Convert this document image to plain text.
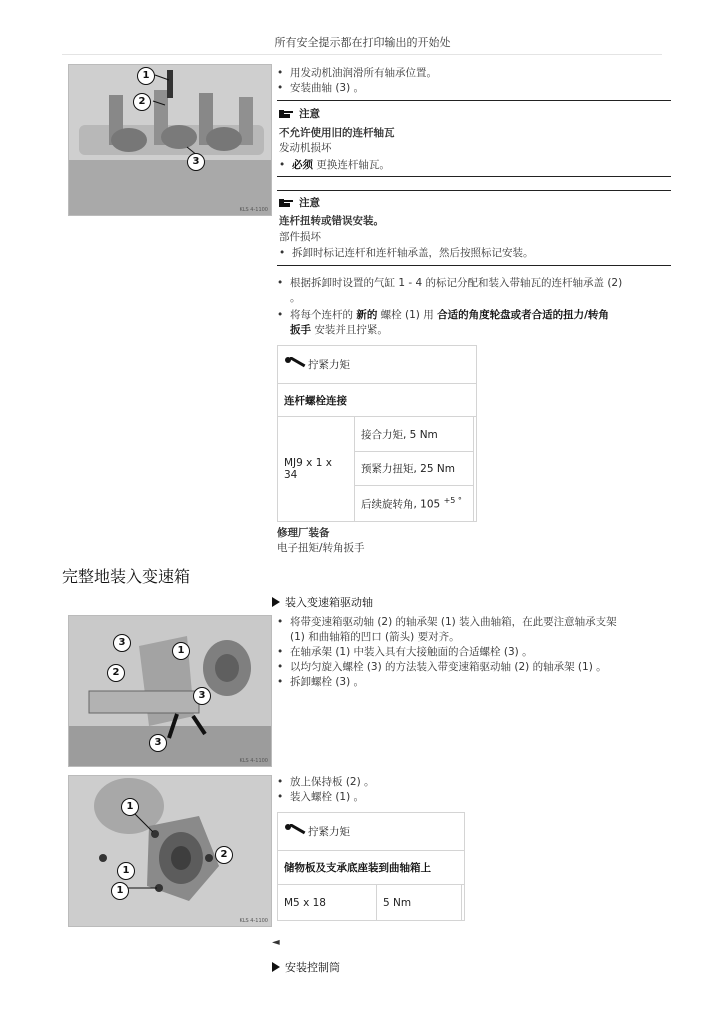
所有安全提示都在打印输出的开始处
1
2
3
KLS 4-1100
• 用发动机油润滑所有轴承位置。
• 安装曲轴 (3) 。
注意
不允许使用旧的连杆轴瓦
发动机损坏
• 必须 更换连杆轴瓦。
注意
连杆扭转或错误安装。
部件损坏
• 拆卸时标记连杆和连杆轴承盖，然后按照标记安装。
• 根据拆卸时设置的气缸 1 - 4 的标记分配和装入带轴瓦的连杆轴承盖 (2)
。
• 将每个连杆的 新的 螺栓 (1) 用 合适的角度轮盘或者合适的扭力/转角
扳手 安装并且拧紧。
拧紧力矩
连杆螺栓连接
MJ9 x 1 x 34	接合力矩, 5 Nm	
预紧力扭矩, 25 Nm
后续旋转角, 105 $^{+5 ^\circ}$
修理厂装备
电子扭矩/转角扳手
完整地装入变速箱
装入变速箱驱动轴
3
2
1
3
3
KLS 4-1100
• 将带变速箱驱动轴 (2) 的轴承架 (1) 装入曲轴箱，在此要注意轴承支架
(1) 和曲轴箱的凹口 (箭头) 要对齐。
• 在轴承架 (1) 中装入具有大接触面的合适螺栓 (3) 。
• 以均匀旋入螺栓 (3) 的方法装入带变速箱驱动轴 (2) 的轴承架 (1) 。
• 拆卸螺栓 (3) 。
1
2
1
1
KLS 4-1100
• 放上保持板 (2) 。
• 装入螺栓 (1) 。
拧紧力矩
储物板及支承底座装到曲轴箱上
M5 x 18	5 Nm	
◄
安装控制筒
